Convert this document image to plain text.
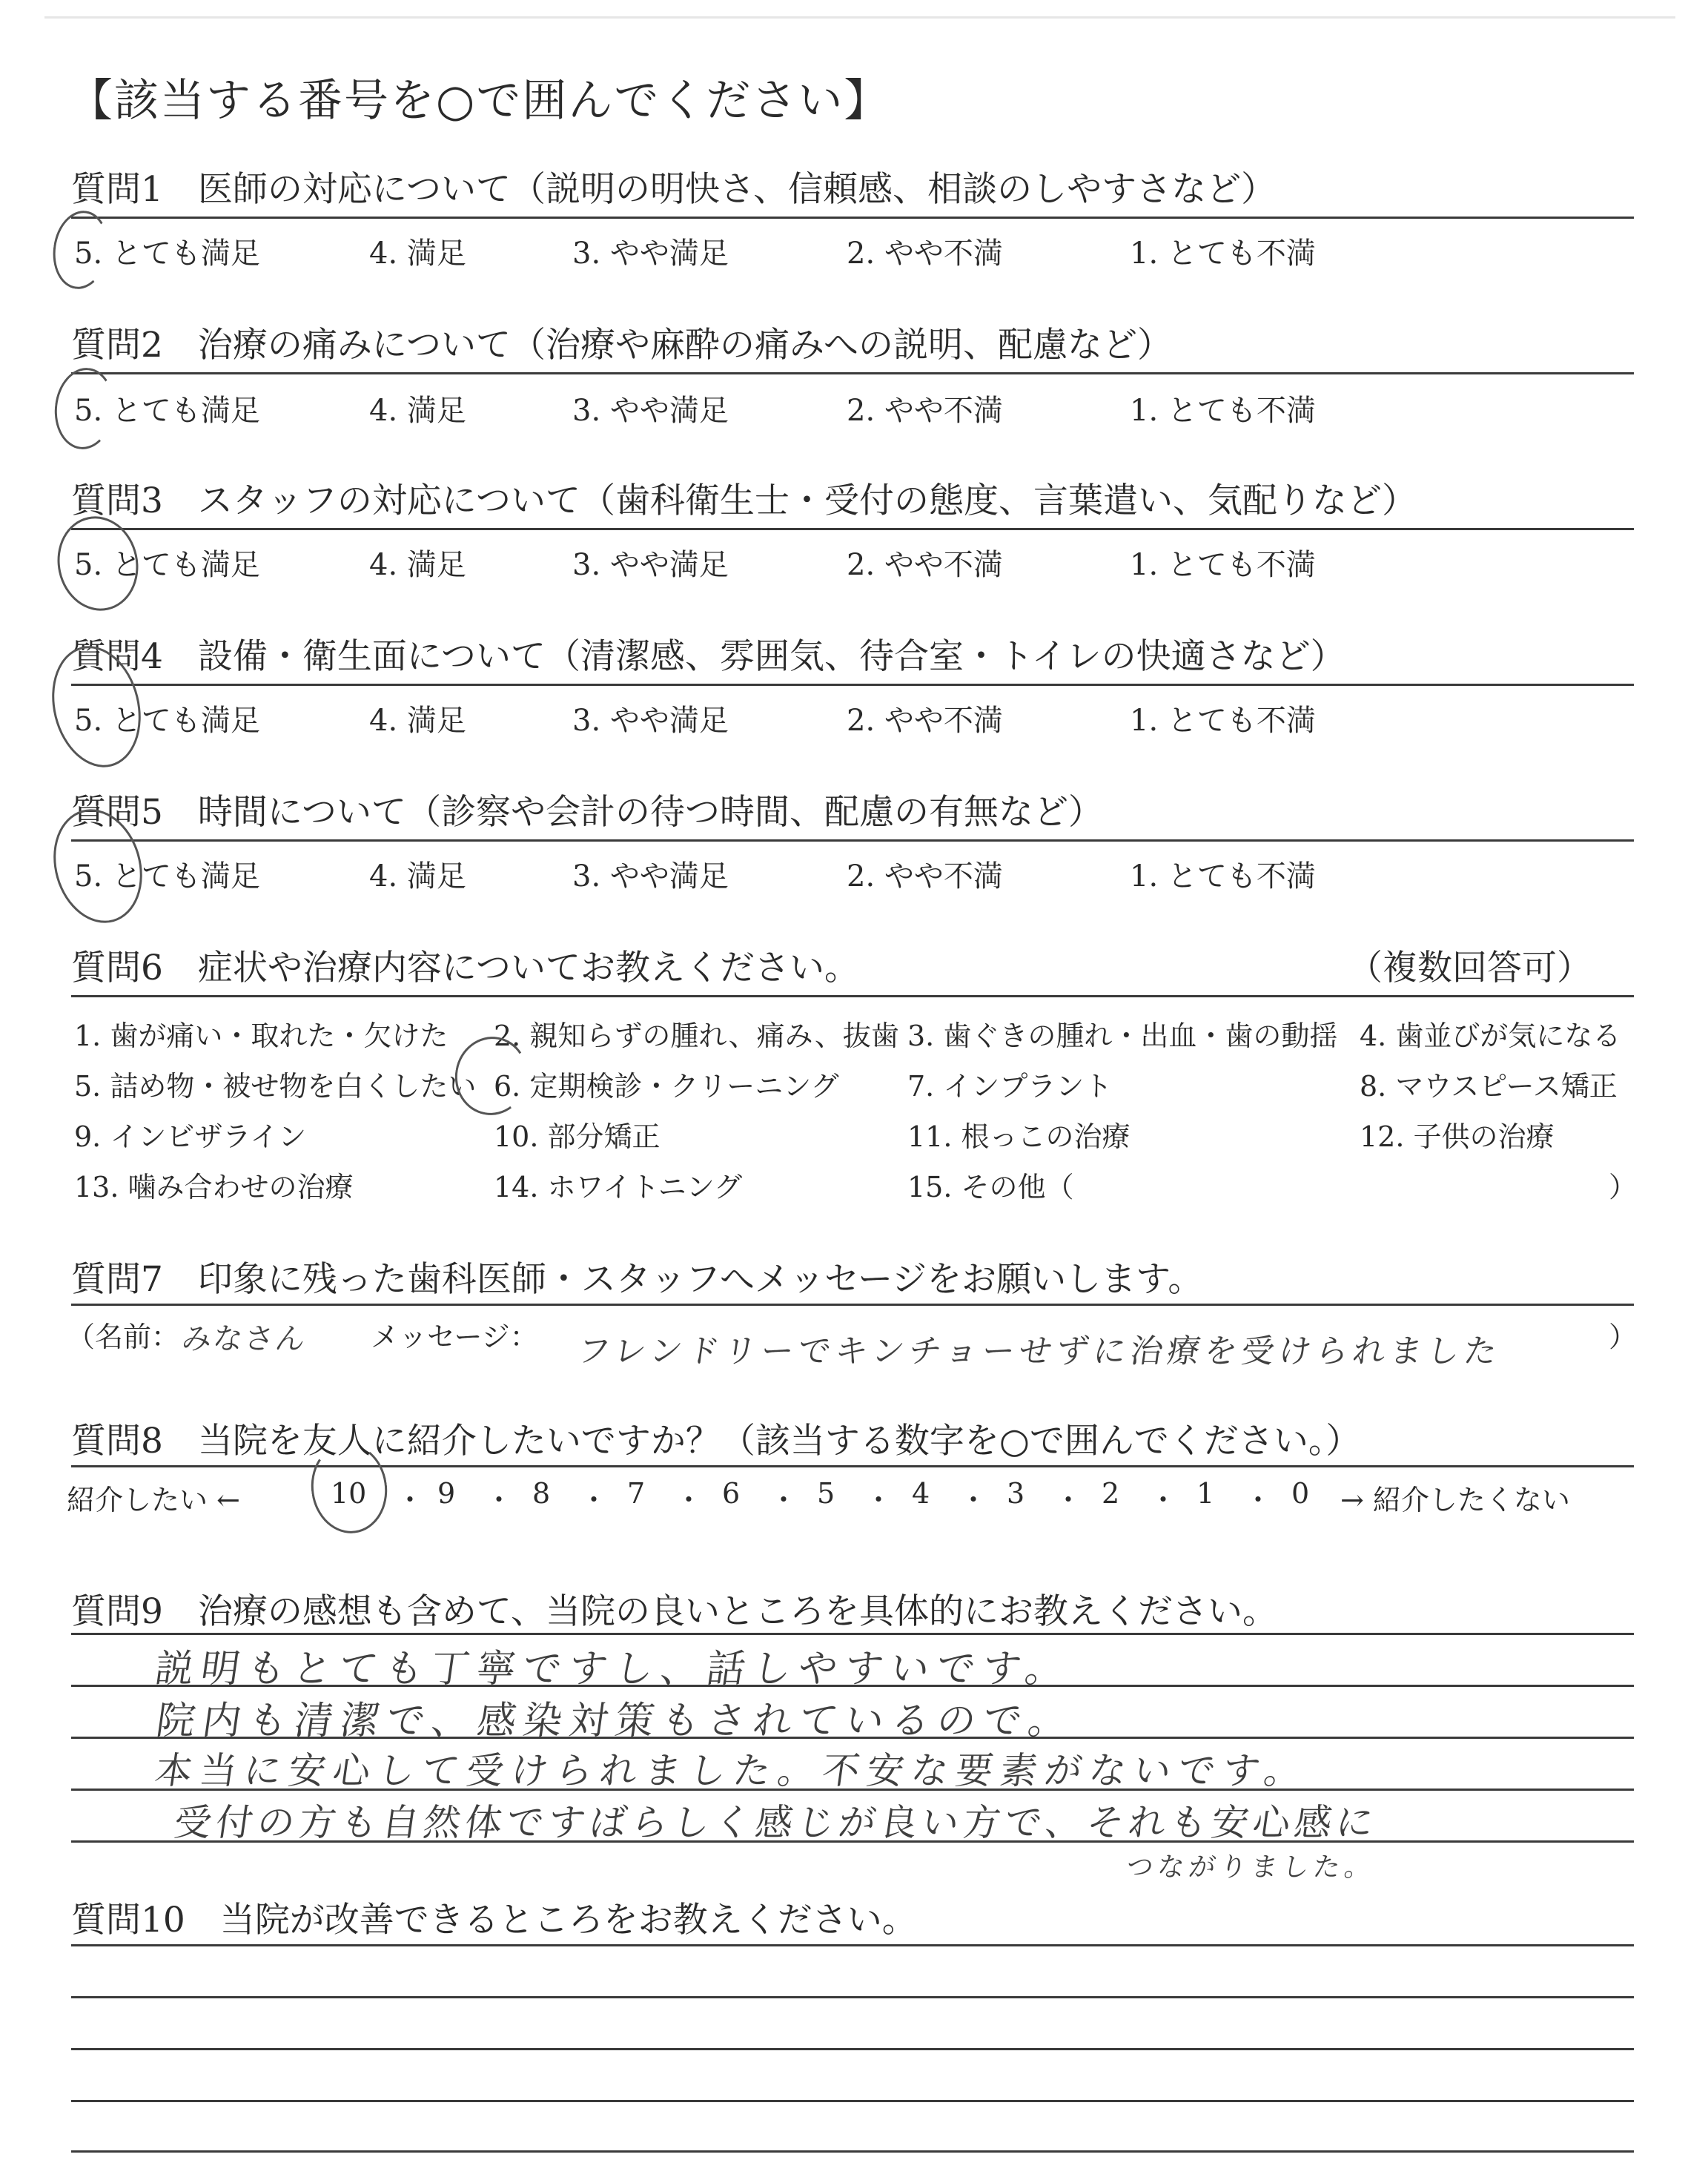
【該当する番号を○で囲んでください】
質問1　医師の対応について（説明の明快さ、信頼感、相談のしやすさなど）
5. とても満足	4. 満足	3. やや満足	2. やや不満	1. とても不満
質問2　治療の痛みについて（治療や麻酔の痛みへの説明、配慮など）
5. とても満足	4. 満足	3. やや満足	2. やや不満	1. とても不満
質問3　スタッフの対応について（歯科衛生士・受付の態度、言葉遣い、気配りなど）
5. とても満足	4. 満足	3. やや満足	2. やや不満	1. とても不満
質問4　設備・衛生面について（清潔感、雰囲気、待合室・トイレの快適さなど）
5. とても満足	4. 満足	3. やや満足	2. やや不満	1. とても不満
質問5　時間について（診察や会計の待つ時間、配慮の有無など）
5. とても満足	4. 満足	3. やや満足	2. やや不満	1. とても不満
質問6　症状や治療内容についてお教えください。	（複数回答可）
1. 歯が痛い・取れた・欠けた 2. 親知らずの腫れ、痛み、抜歯 3. 歯ぐきの腫れ・出血・歯の動揺 4. 歯並びが気になる
5. 詰め物・被せ物を白くしたい 6. 定期検診・クリーニング 7. インプラント	8. マウスピース矯正
9. インビザライン	10. 部分矯正	11. 根っこの治療	12. 子供の治療
13. 噛み合わせの治療	14. ホワイトニング	15. その他（	）
質問7　印象に残った歯科医師・スタッフへメッセージをお願いします。
（名前： みなさん メッセージ： フレンドリーでキンチョーせずに治療を受けられました	）
質問8　当院を友人に紹介したいですか？（該当する数字を○で囲んでください。）
紹介したい ←	10 ・ 9 ・ 8 ・ 7 ・ 6 ・ 5 ・ 4 ・ 3 ・ 2 ・ 1 ・ 0 → 紹介したくない
質問9　治療の感想も含めて、当院の良いところを具体的にお教えください。
説明もとても丁寧ですし、話しやすいです。
院内も清潔で、感染対策もされているので。
本当に安心して受けられました。不安な要素がないです。
受付の方も自然体ですばらしく感じが良い方で、それも安心感に
つながりました。
質問10　当院が改善できるところをお教えください。
